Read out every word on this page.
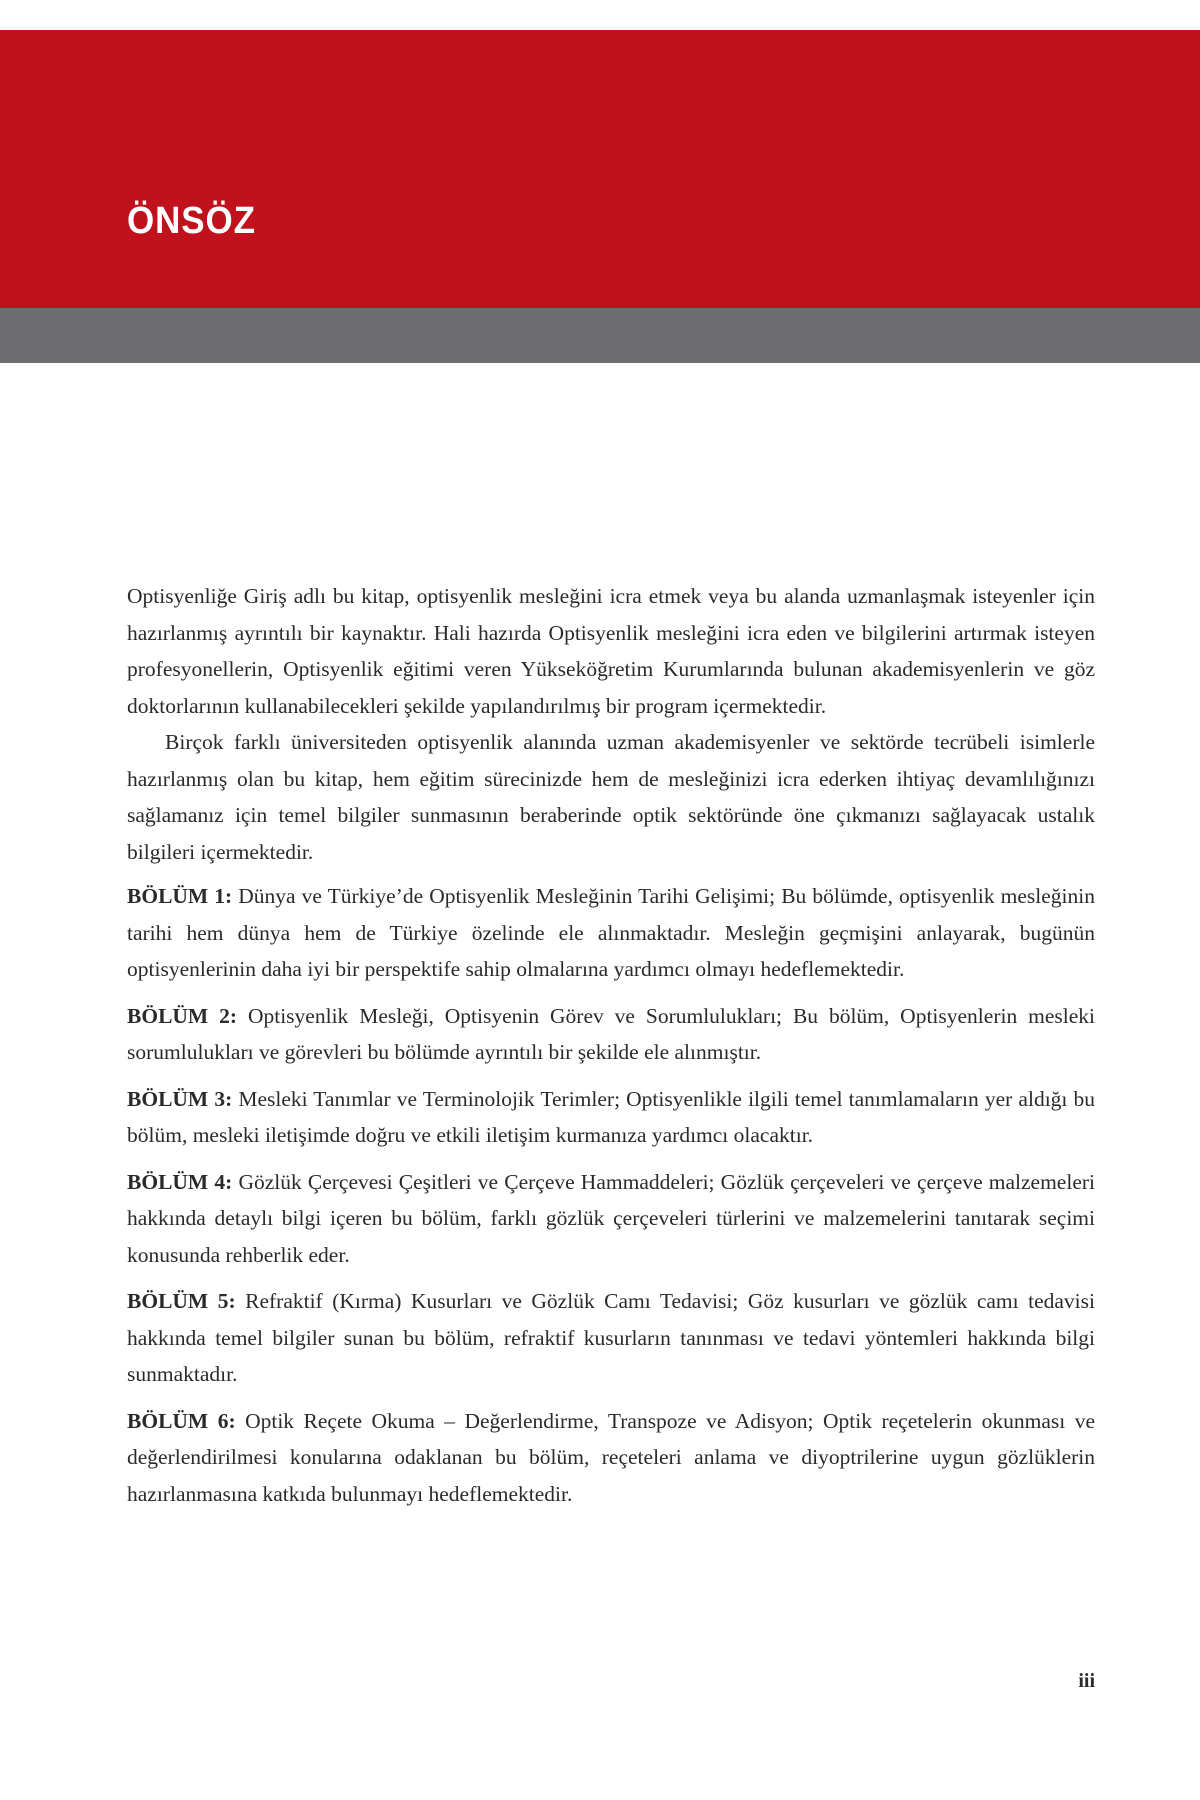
ÖNSÖZ

Optisyenliğe Giriş adlı bu kitap, optisyenlik mesleğini icra etmek veya bu alanda uzmanlaşmak isteyenler için hazırlanmış ayrıntılı bir kaynaktır. Hali hazırda Optisyenlik mesleğini icra eden ve bilgilerini artırmak isteyen profesyonellerin, Optisyenlik eğitimi veren Yükseköğretim Kurumlarında bulunan akademisyenlerin ve göz doktorlarının kullanabilecekleri şekilde yapılandırılmış bir program içermektedir.

Birçok farklı üniversiteden optisyenlik alanında uzman akademisyenler ve sektörde tecrübeli isimlerle hazırlanmış olan bu kitap, hem eğitim sürecinizde hem de mesleğinizi icra ederken ihtiyaç devamlılığınızı sağlamanız için temel bilgiler sunmasının beraberinde optik sektöründe öne çıkmanızı sağlayacak ustalık bilgileri içermektedir.

BÖLÜM 1: Dünya ve Türkiye’de Optisyenlik Mesleğinin Tarihi Gelişimi; Bu bölümde, optisyenlik mesleğinin tarihi hem dünya hem de Türkiye özelinde ele alınmaktadır. Mesleğin geçmişini anlayarak, bugünün optisyenlerinin daha iyi bir perspektife sahip olmalarına yardımcı olmayı hedeflemektedir.

BÖLÜM 2: Optisyenlik Mesleği, Optisyenin Görev ve Sorumlulukları; Bu bölüm, Optisyenlerin mesleki sorumlulukları ve görevleri bu bölümde ayrıntılı bir şekilde ele alınmıştır.

BÖLÜM 3: Mesleki Tanımlar ve Terminolojik Terimler; Optisyenlikle ilgili temel tanımlamaların yer aldığı bu bölüm, mesleki iletişimde doğru ve etkili iletişim kurmanıza yardımcı olacaktır.

BÖLÜM 4: Gözlük Çerçevesi Çeşitleri ve Çerçeve Hammaddeleri; Gözlük çerçeveleri ve çerçeve malzemeleri hakkında detaylı bilgi içeren bu bölüm, farklı gözlük çerçeveleri türlerini ve malzemelerini tanıtarak seçimi konusunda rehberlik eder.

BÖLÜM 5: Refraktif (Kırma) Kusurları ve Gözlük Camı Tedavisi; Göz kusurları ve gözlük camı tedavisi hakkında temel bilgiler sunan bu bölüm, refraktif kusurların tanınması ve tedavi yöntemleri hakkında bilgi sunmaktadır.

BÖLÜM 6: Optik Reçete Okuma – Değerlendirme, Transpoze ve Adisyon; Optik reçetelerin okunması ve değerlendirilmesi konularına odaklanan bu bölüm, reçeteleri anlama ve diyoptrilerine uygun gözlüklerin hazırlanmasına katkıda bulunmayı hedeflemektedir.

iii
